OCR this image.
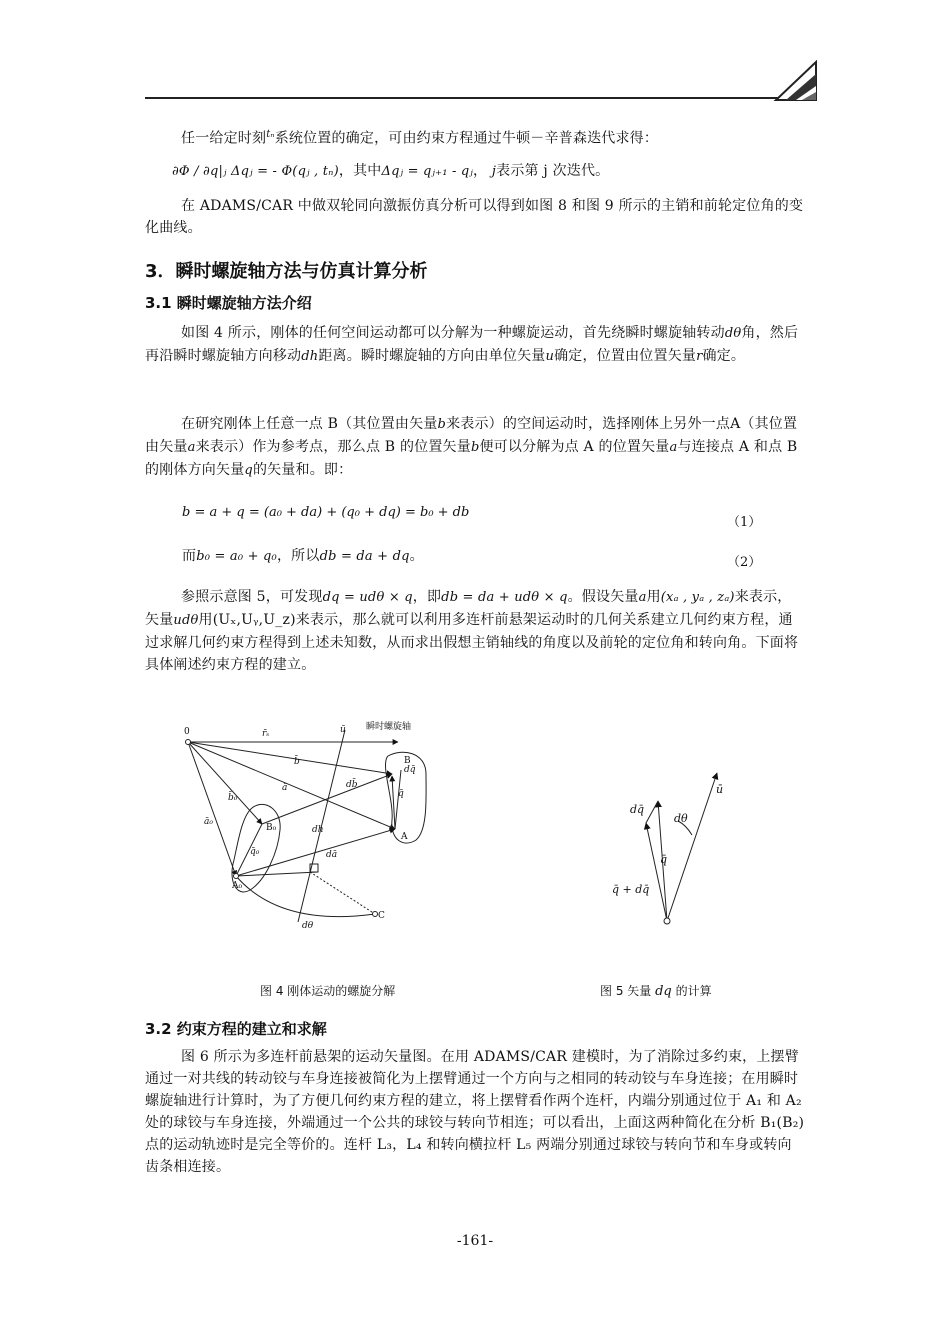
任一给定时刻$^{t_n}$系统位置的确定，可由约束方程通过牛顿－辛普森迭代求得：
∂Φ / ∂q|ⱼ Δqⱼ = - Φ(qⱼ , tₙ)，其中Δqⱼ = qⱼ₊₁ - qⱼ， j表示第 j 次迭代。
在 ADAMS/CAR 中做双轮同向激振仿真分析可以得到如图 8 和图 9 所示的主销和前轮定位角的变化曲线。
3．瞬时螺旋轴方法与仿真计算分析
3.1 瞬时螺旋轴方法介绍
如图 4 所示，刚体的任何空间运动都可以分解为一种螺旋运动，首先绕瞬时螺旋轴转动dθ角，然后再沿瞬时螺旋轴方向移动dh距离。瞬时螺旋轴的方向由单位矢量u确定，位置由位置矢量r确定。
在研究刚体上任意一点 B（其位置由矢量b来表示）的空间运动时，选择刚体上另外一点A（其位置由矢量a来表示）作为参考点，那么点 B 的位置矢量b便可以分解为点 A 的位置矢量a与连接点 A 和点 B 的刚体方向矢量q的矢量和。即：
b = a + q = (a₀ + da) + (q₀ + dq) = b₀ + db
（1）
而b₀ = a₀ + q₀，所以db = da + dq。	（2）
参照示意图 5，可发现dq = udθ × q，即db = da + udθ × q。假设矢量a用(xₐ , yₐ , zₐ)来表示，矢量udθ用(Uₓ,Uᵧ,U_z)来表示，那么就可以利用多连杆前悬架运动时的几何关系建立几何约束方程，通过求解几何约束方程得到上述未知数，从而求出假想主销轴线的角度以及前轮的定位角和转向角。下面将具体阐述约束方程的建立。
0	瞬时螺旋轴
r̄ₛ	ū
b̄
b̄₀
ā	db̄
q̄
dq̄
B
ā₀
B₀	dh
A
q̄₀	dā
A₀
C
dθ
图 4 刚体运动的螺旋分解
ū
dq̄
dθ
q̄
q̄ + dq̄
图 5 矢量 dq 的计算
3.2 约束方程的建立和求解
图 6 所示为多连杆前悬架的运动矢量图。在用 ADAMS/CAR 建模时，为了消除过多约束，上摆臂通过一对共线的转动铰与车身连接被简化为上摆臂通过一个方向与之相同的转动铰与车身连接；在用瞬时螺旋轴进行计算时，为了方便几何约束方程的建立，将上摆臂看作两个连杆，内端分别通过位于 A₁ 和 A₂ 处的球铰与车身连接，外端通过一个公共的球铰与转向节相连；可以看出，上面这两种简化在分析 B₁(B₂)点的运动轨迹时是完全等价的。连杆 L₃，L₄ 和转向横拉杆 L₅ 两端分别通过球铰与转向节和车身或转向齿条相连接。
-161-
